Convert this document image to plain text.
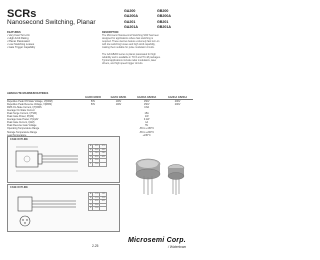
SCRs
Nanosecond Switching, Planar
GA200	GB200
GA200A	GB200A
GA201	GB201
GA201A	GB201A
FEATURES
• Very Fast Turn-On
• High dv/dt Rating
• Planar Passivated
• Low Switching Losses
• Gate Trigger Capability
DESCRIPTION
The Microsemi Nanosecond Switching SCR has been
designed for applications where fast switching is
required. These devices feature extremely fast turn-on
with low switching losses and high dv/dt capability,
making them suitable for pulse modulator circuits.

The GA/GB200 series is planar passivated for high
reliability and is available in TO-5 and TO-18 packages.
Typical applications include radar modulators, laser
drivers, and high speed trigger circuits.
ABSOLUTE MAXIMUM RATINGS
	GA200 GB200	GA201 GB201	GA200A GB200A	GA201A GB201A
Repetitive Peak Off-State Voltage, V(DRM)	50V	100V	150V	200V
Repetitive Peak Reverse Voltage, V(RRM)	50V	100V	150V	200V
RMS On-State Current, I(T)RMS			0.8A	
Average On-State Current				
Peak Surge Current, I(TSM)			15A	
Peak Gate Power, P(GM)			1W	
Average Gate Power, P(G)AV			0.1W	
Peak Gate Current, I(GM)			1A	
Peak Reverse Gate Voltage			5V	
Operating Temperature Range			-65 to +150°C	
Storage Temperature Range			-65 to +200°C	
			+230°C	
CASE OUTLINE
A	.335	.370
B	.305	.335
C	.240	.260
D	.016	.021
E	.500	
F	.200	
CASE OUTLINE
A	.178	.195
B	.170	.210
C	.016	.021
D	.500	
E	.100	
2-25
Microsemi Corp.
/ Watertown
